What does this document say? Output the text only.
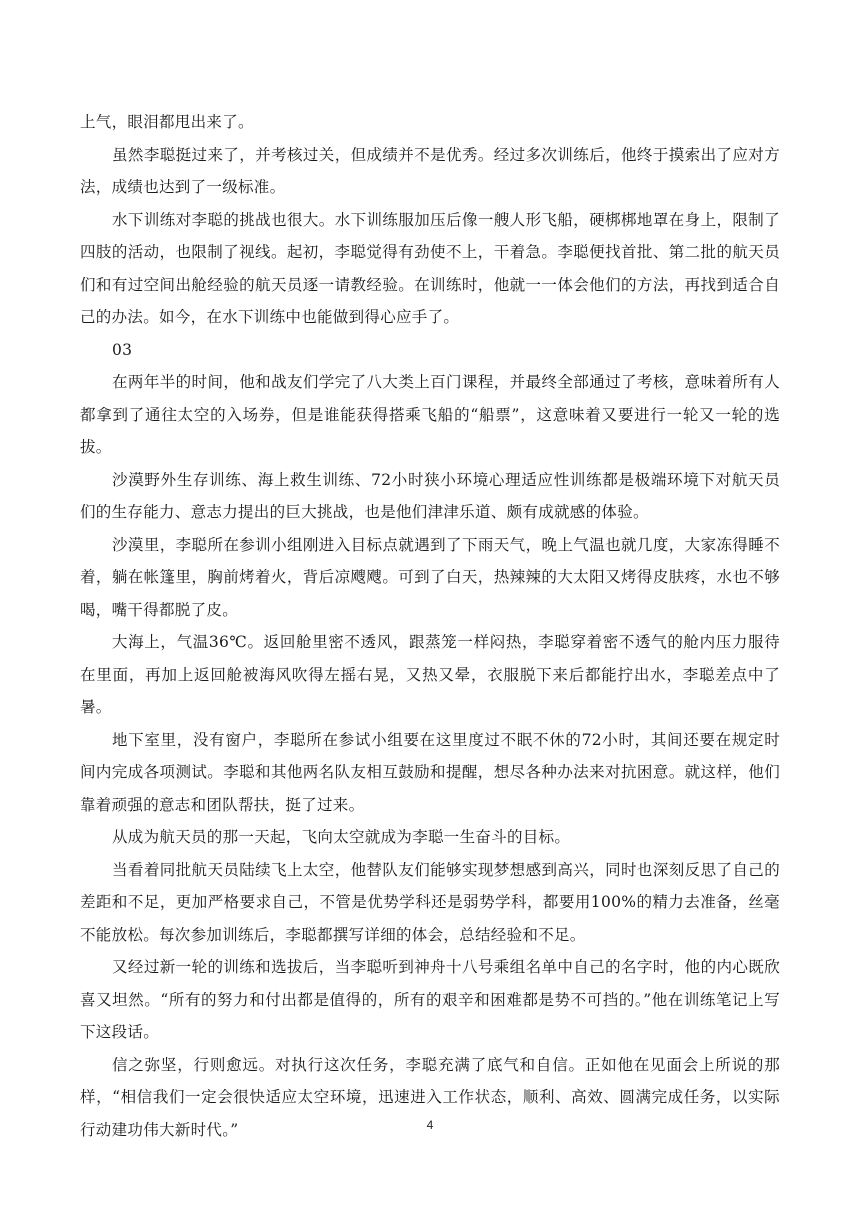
上气，眼泪都甩出来了。

虽然李聪挺过来了，并考核过关，但成绩并不是优秀。经过多次训练后，他终于摸索出了应对方法，成绩也达到了一级标准。

水下训练对李聪的挑战也很大。水下训练服加压后像一艘人形飞船，硬梆梆地罩在身上，限制了四肢的活动，也限制了视线。起初，李聪觉得有劲使不上，干着急。李聪便找首批、第二批的航天员们和有过空间出舱经验的航天员逐一请教经验。在训练时，他就一一体会他们的方法，再找到适合自己的办法。如今，在水下训练中也能做到得心应手了。

03

在两年半的时间，他和战友们学完了八大类上百门课程，并最终全部通过了考核，意味着所有人都拿到了通往太空的入场券，但是谁能获得搭乘飞船的“船票”，这意味着又要进行一轮又一轮的选拔。

沙漠野外生存训练、海上救生训练、72小时狭小环境心理适应性训练都是极端环境下对航天员们的生存能力、意志力提出的巨大挑战，也是他们津津乐道、颇有成就感的体验。

沙漠里，李聪所在参训小组刚进入目标点就遇到了下雨天气，晚上气温也就几度，大家冻得睡不着，躺在帐篷里，胸前烤着火，背后凉飕飕。可到了白天，热辣辣的大太阳又烤得皮肤疼，水也不够喝，嘴干得都脱了皮。

大海上，气温36℃。返回舱里密不透风，跟蒸笼一样闷热，李聪穿着密不透气的舱内压力服待在里面，再加上返回舱被海风吹得左摇右晃，又热又晕，衣服脱下来后都能拧出水，李聪差点中了暑。

地下室里，没有窗户，李聪所在参试小组要在这里度过不眠不休的72小时，其间还要在规定时间内完成各项测试。李聪和其他两名队友相互鼓励和提醒，想尽各种办法来对抗困意。就这样，他们靠着顽强的意志和团队帮扶，挺了过来。

从成为航天员的那一天起，飞向太空就成为李聪一生奋斗的目标。

当看着同批航天员陆续飞上太空，他替队友们能够实现梦想感到高兴，同时也深刻反思了自己的差距和不足，更加严格要求自己，不管是优势学科还是弱势学科，都要用100%的精力去准备，丝毫不能放松。每次参加训练后，李聪都撰写详细的体会，总结经验和不足。

又经过新一轮的训练和选拔后，当李聪听到神舟十八号乘组名单中自己的名字时，他的内心既欣喜又坦然。“所有的努力和付出都是值得的，所有的艰辛和困难都是势不可挡的。”他在训练笔记上写下这段话。

信之弥坚，行则愈远。对执行这次任务，李聪充满了底气和自信。正如他在见面会上所说的那样，“相信我们一定会很快适应太空环境，迅速进入工作状态，顺利、高效、圆满完成任务，以实际行动建功伟大新时代。”	4
